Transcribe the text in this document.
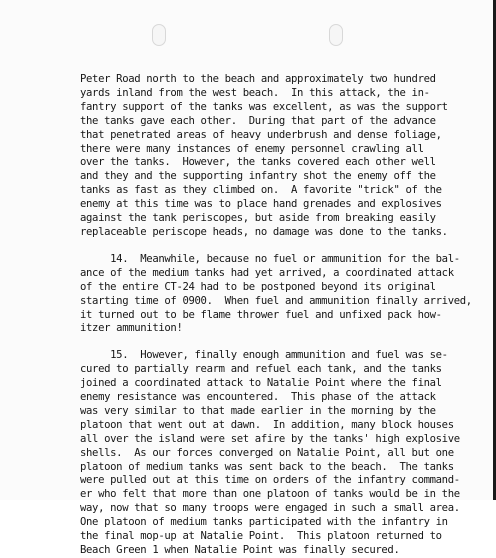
Peter Road north to the beach and approximately two hundred
yards inland from the west beach.  In this attack, the in-
fantry support of the tanks was excellent, as was the support
the tanks gave each other.  During that part of the advance
that penetrated areas of heavy underbrush and dense foliage,
there were many instances of enemy personnel crawling all
over the tanks.  However, the tanks covered each other well
and they and the supporting infantry shot the enemy off the
tanks as fast as they climbed on.  A favorite "trick" of the
enemy at this time was to place hand grenades and explosives
against the tank periscopes, but aside from breaking easily
replaceable periscope heads, no damage was done to the tanks.

14.  Meanwhile, because no fuel or ammunition for the bal-
ance of the medium tanks had yet arrived, a coordinated attack
of the entire CT-24 had to be postponed beyond its original
starting time of 0900.  When fuel and ammunition finally arrived,
it turned out to be flame thrower fuel and unfixed pack how-
itzer ammunition!

15.  However, finally enough ammunition and fuel was se-
cured to partially rearm and refuel each tank, and the tanks
joined a coordinated attack to Natalie Point where the final
enemy resistance was encountered.  This phase of the attack
was very similar to that made earlier in the morning by the
platoon that went out at dawn.  In addition, many block houses
all over the island were set afire by the tanks' high explosive
shells.  As our forces converged on Natalie Point, all but one
platoon of medium tanks was sent back to the beach.  The tanks
were pulled out at this time on orders of the infantry command-
er who felt that more than one platoon of tanks would be in the
way, now that so many troops were engaged in such a small area.
One platoon of medium tanks participated with the infantry in
the final mop-up at Natalie Point.  This platoon returned to
Beach Green 1 when Natalie Point was finally secured.
